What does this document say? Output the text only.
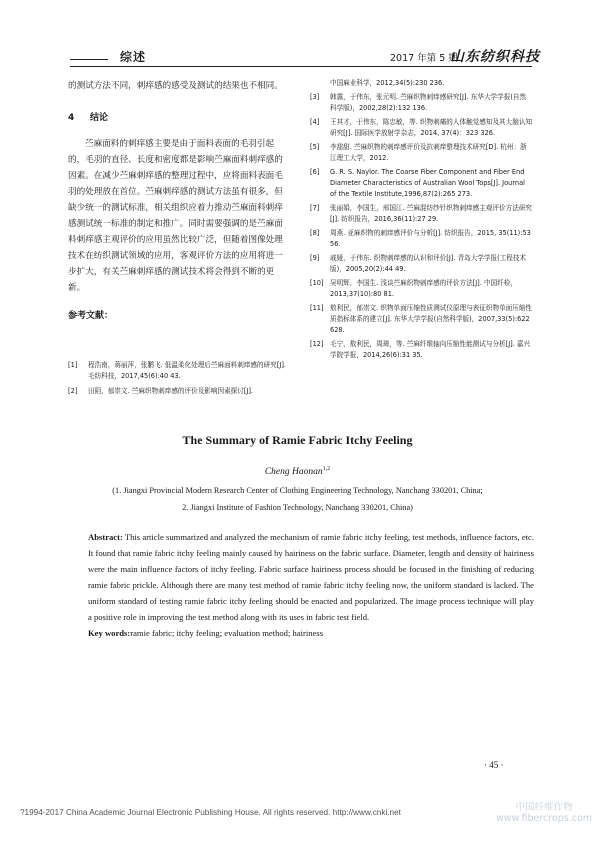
综述	2017 年第 5 期
山东纺织科技

的测试方法不同，刺痒感的感受及测试的结果也不相同。

4 结论

苎麻面料的刺痒感主要是由于面料表面的毛羽引起的，毛羽的直径、长度和密度都是影响苎麻面料刺痒感的因素。在减少苎麻刺痒感的整理过程中，应将面料表面毛羽的处理放在首位。苎麻刺痒感的测试方法虽有很多，但缺少统一的测试标准，相关组织应着力推动苎麻面料刺痒感测试统一标准的制定和推广。同时需要强调的是苎麻面料刺痒感主观评价的应用虽然比较广泛，但随着图像处理技术在纺织测试领域的应用，客观评价方法的应用将进一步扩大，有关苎麻刺痒感的测试技术将会得到不断的更新。

参考文献：

[1]	程浩南，蒋丽萍，张鹏飞. 低温柔化处理后苎麻面料刺痒感的研究[J]. 毛纺科技，2017,45(6):40 43.
[2]	田陌，郁崇文. 苎麻织物刺痒感的评价及影响因素探讨[J].
中国麻业科学，2012,34(5):230 236.
[3]	韩露，于伟东，张元明. 苎麻织物刺痒感研究[J]. 东华大学学报(自然科学版)，2002,28(2):132 136.
[4]	王其才，于伟东，陈忠敏，等. 织物刺痛的人体触觉感知及其大脑认知研究[J]. 国际医学放射学杂志，2014, 37(4)：323 326.
[5]	李甜甜. 苎麻织物的刺痒感评价及抗刺痒整理技术研究[D]. 杭州：浙江理工大学，2012.
[6]	G. R. S. Naylor. The Coarse Fiber Component and Fiber End Diameter Characteristics of Australian Wool Tops[J]. Journal of the Textile Institute,1996,87(2):265 273.
[7]	张丽娟，李国生，邢国江. 苎麻混纺纱针织物刺痒感主观评价方法研究[J]. 纺织报告，2016,36(11):27 29.
[8]	周燕. 亚麻织物的刺痒感评价与分析[J]. 纺织报告，2015, 35(11):53 56.
[9]	戚娅，于伟东. 织物刺痒感的认识和评价[J]. 青岛大学学报(工程技术版)，2005,20(2):44 49.
[10] 吴明辉，李国生. 浅谈苎麻织物刺痒感的评价方法[J]. 中国纤检，2013,37(10):80 81.
[11] 敖利民，郁崇文. 织物单面压缩性质测试仪原理与表征织物单面压缩性质指标体系的建立[J]. 东华大学学报(自然科学版)，2007,33(5):622 628.
[12] 毛宁，敖利民，周琦，等. 苎麻纤维轴向压缩性能测试与分析[J]. 嘉兴学院学报，2014,26(6):31 35.
The Summary of Ramie Fabric Itchy Feeling
Cheng Haonan$^{1,2}$
(1. Jiangxi Provincial Modern Research Center of Clothing Engineering Technology, Nanchang 330201, China;
2. Jiangxi Institute of Fashion Technology, Nanchang 330201, China)

Abstract: This article summarized and analyzed the mechanism of ramie fabric itchy feeling, test methods, influence factors, etc. It found that ramie fabric itchy feeling mainly caused by hairiness on the fabric surface. Diameter, length and density of hairiness were the main influence factors of itchy feeling. Fabric surface hairiness process should be focused in the finishing of reducing ramie fabric prickle. Although there are many test method of ramie fabric itchy feeling now, the uniform standard is lacked. The uniform standard of testing ramie fabric itchy feeling should be enacted and popularized. The image process technique will play a positive role in improving the test method along with its uses in fabric test field.

Key words:ramie fabric; itchy feeling; evaluation method; hairiness

· 45 ·
?1994-2017 China Academic Journal Electronic Publishing House. All rights reserved. http://www.cnki.net	中国纤维作物
www.fibercrops.com
